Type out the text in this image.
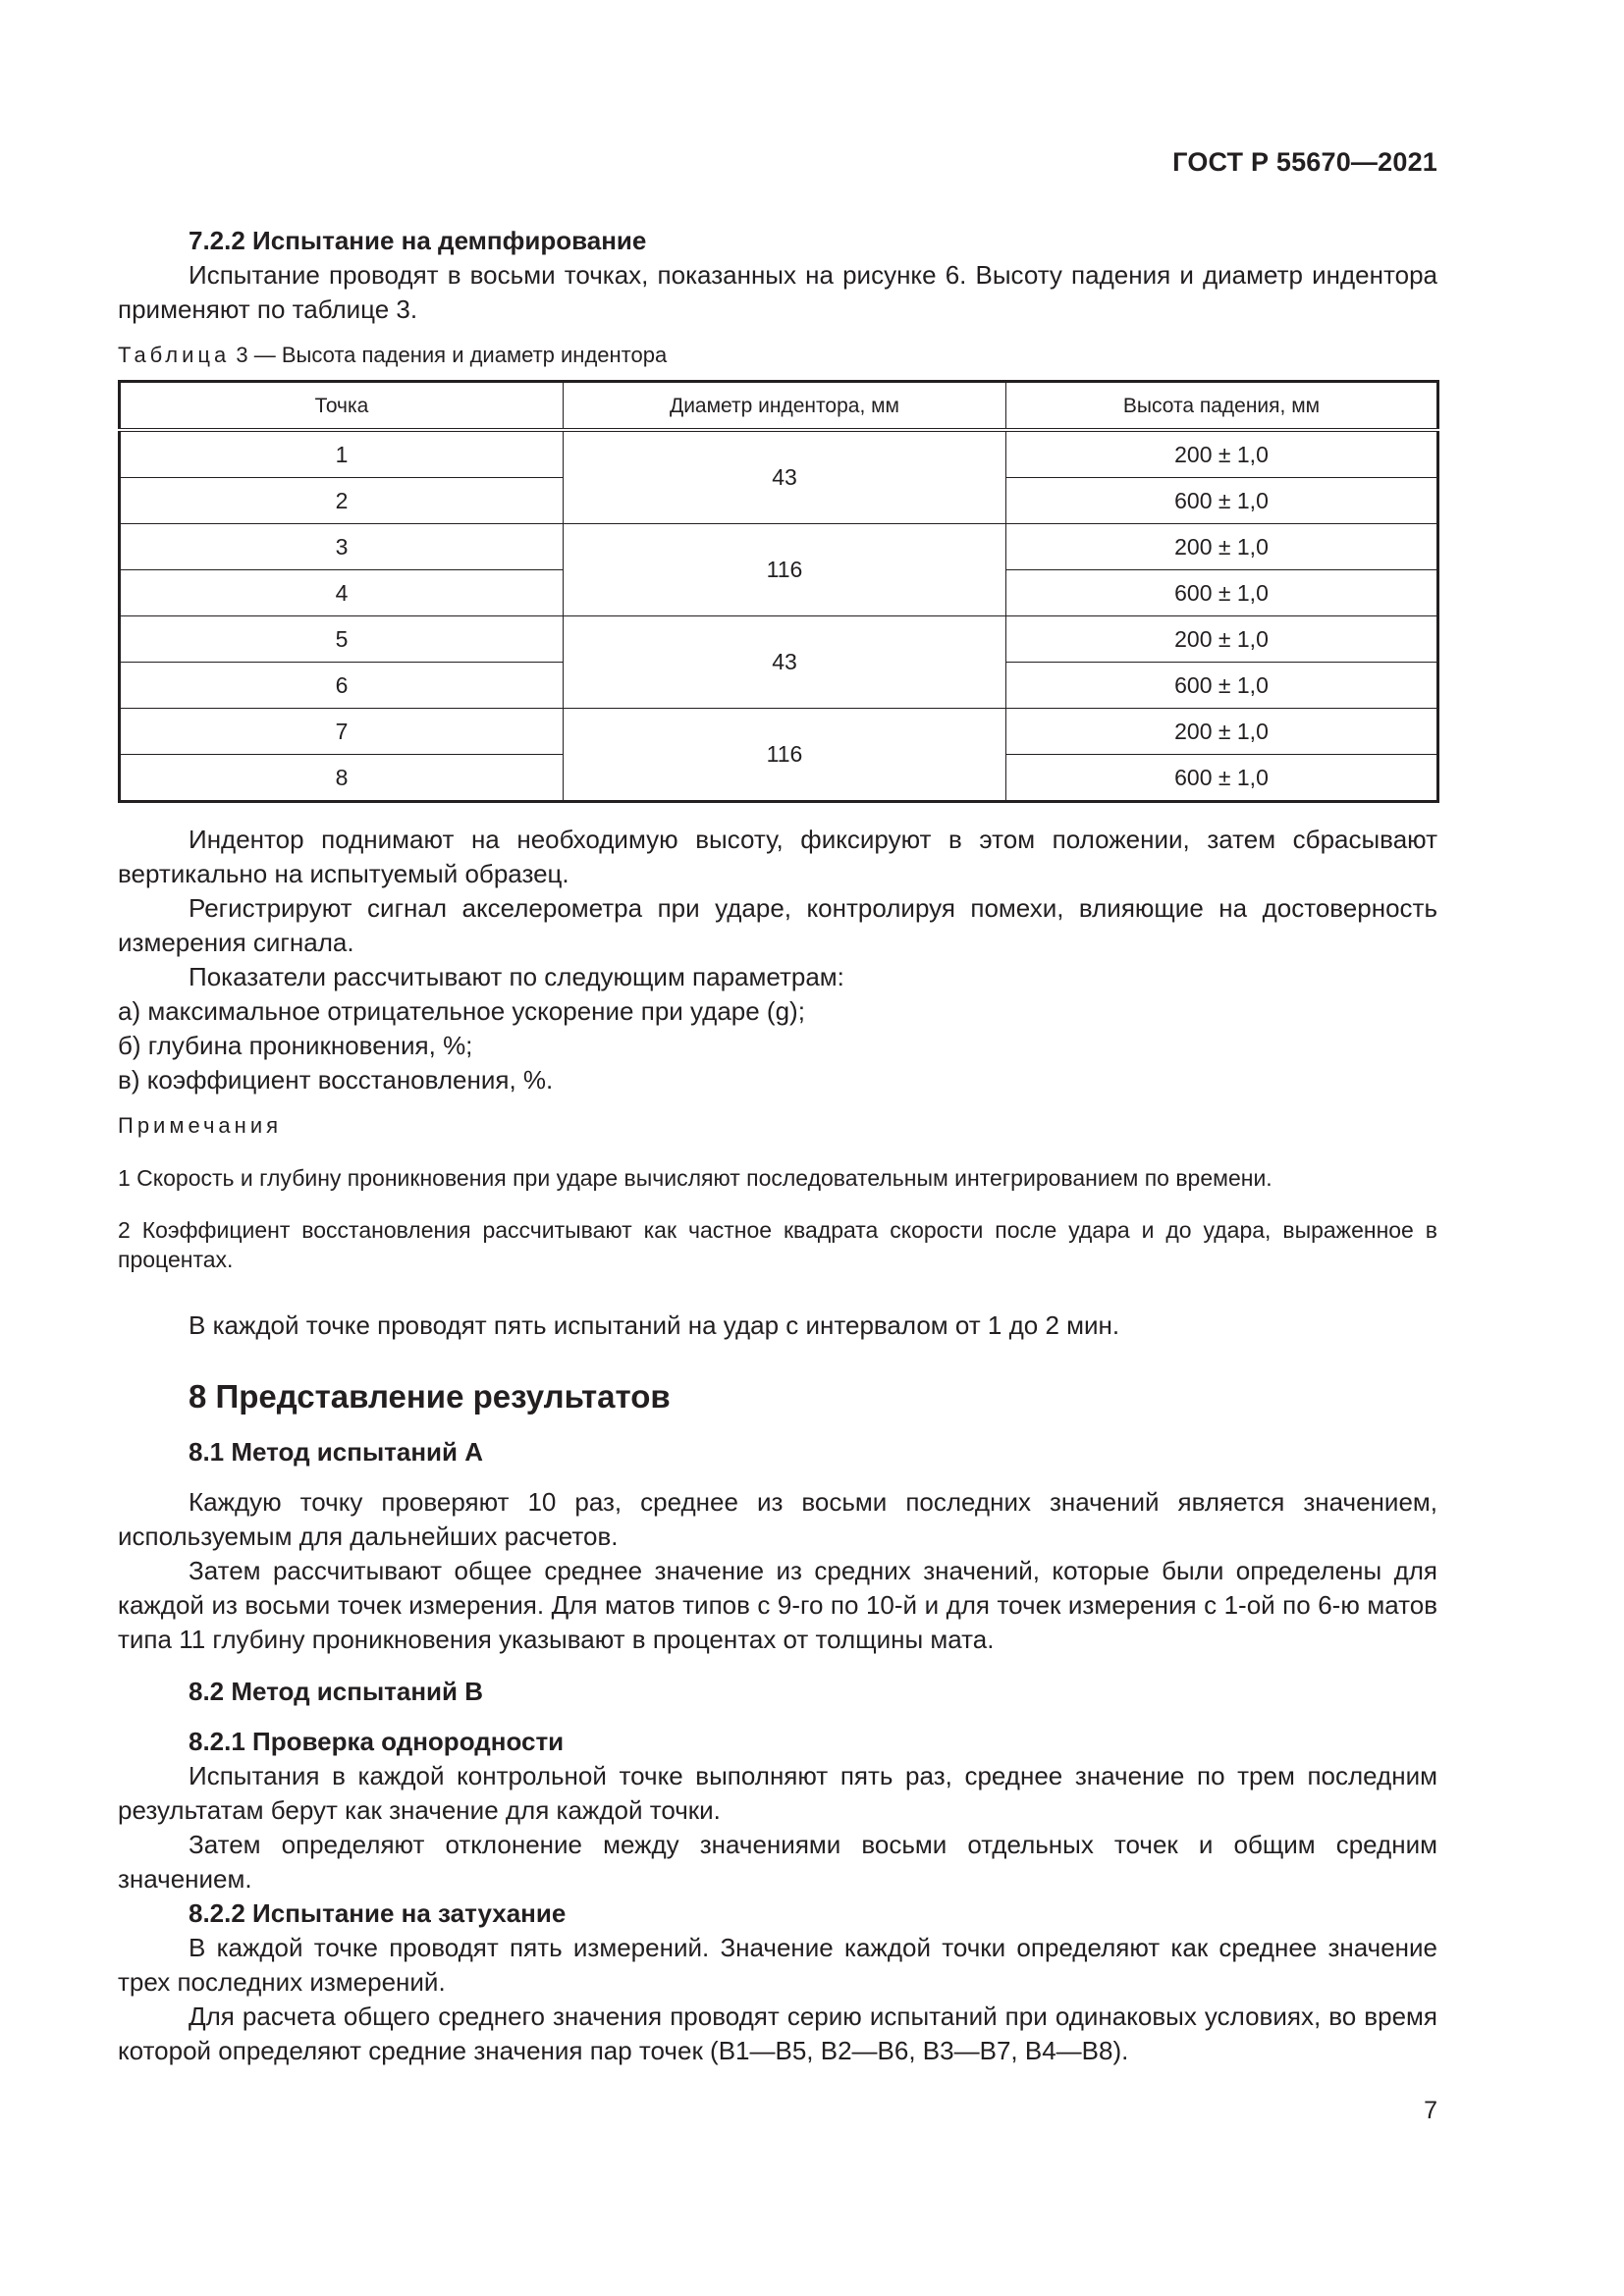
ГОСТ Р 55670—2021

7.2.2 Испытание на демпфирование

Испытание проводят в восьми точках, показанных на рисунке 6. Высоту падения и диаметр индентора применяют по таблице 3.

Таблица 3 — Высота падения и диаметр индентора
Точка	Диаметр индентора, мм	Высота падения, мм
1	43	200 ± 1,0
2		600 ± 1,0
3	116	200 ± 1,0
4		600 ± 1,0
5	43	200 ± 1,0
6		600 ± 1,0
7	116	200 ± 1,0
8		600 ± 1,0

Индентор поднимают на необходимую высоту, фиксируют в этом положении, затем сбрасывают вертикально на испытуемый образец.

Регистрируют сигнал акселерометра при ударе, контролируя помехи, влияющие на достоверность измерения сигнала.

Показатели рассчитывают по следующим параметрам:

а) максимальное отрицательное ускорение при ударе (g);

б) глубина проникновения, %;

в) коэффициент восстановления, %.

Примечания

1 Скорость и глубину проникновения при ударе вычисляют последовательным интегрированием по времени.

2 Коэффициент восстановления рассчитывают как частное квадрата скорости после удара и до удара, выраженное в процентах.

В каждой точке проводят пять испытаний на удар с интервалом от 1 до 2 мин.

8 Представление результатов
8.1 Метод испытаний А

Каждую точку проверяют 10 раз, среднее из восьми последних значений является значением, используемым для дальнейших расчетов.

Затем рассчитывают общее среднее значение из средних значений, которые были определены для каждой из восьми точек измерения. Для матов типов с 9-го по 10-й и для точек измерения с 1-ой по 6-ю матов типа 11 глубину проникновения указывают в процентах от толщины мата.

8.2 Метод испытаний В

8.2.1 Проверка однородности

Испытания в каждой контрольной точке выполняют пять раз, среднее значение по трем последним результатам берут как значение для каждой точки.

Затем определяют отклонение между значениями восьми отдельных точек и общим средним значением.

8.2.2 Испытание на затухание

В каждой точке проводят пять измерений. Значение каждой точки определяют как среднее значение трех последних измерений.

Для расчета общего среднего значения проводят серию испытаний при одинаковых условиях, во время которой определяют средние значения пар точек (В1—В5, В2—В6, В3—В7, В4—В8).

7
